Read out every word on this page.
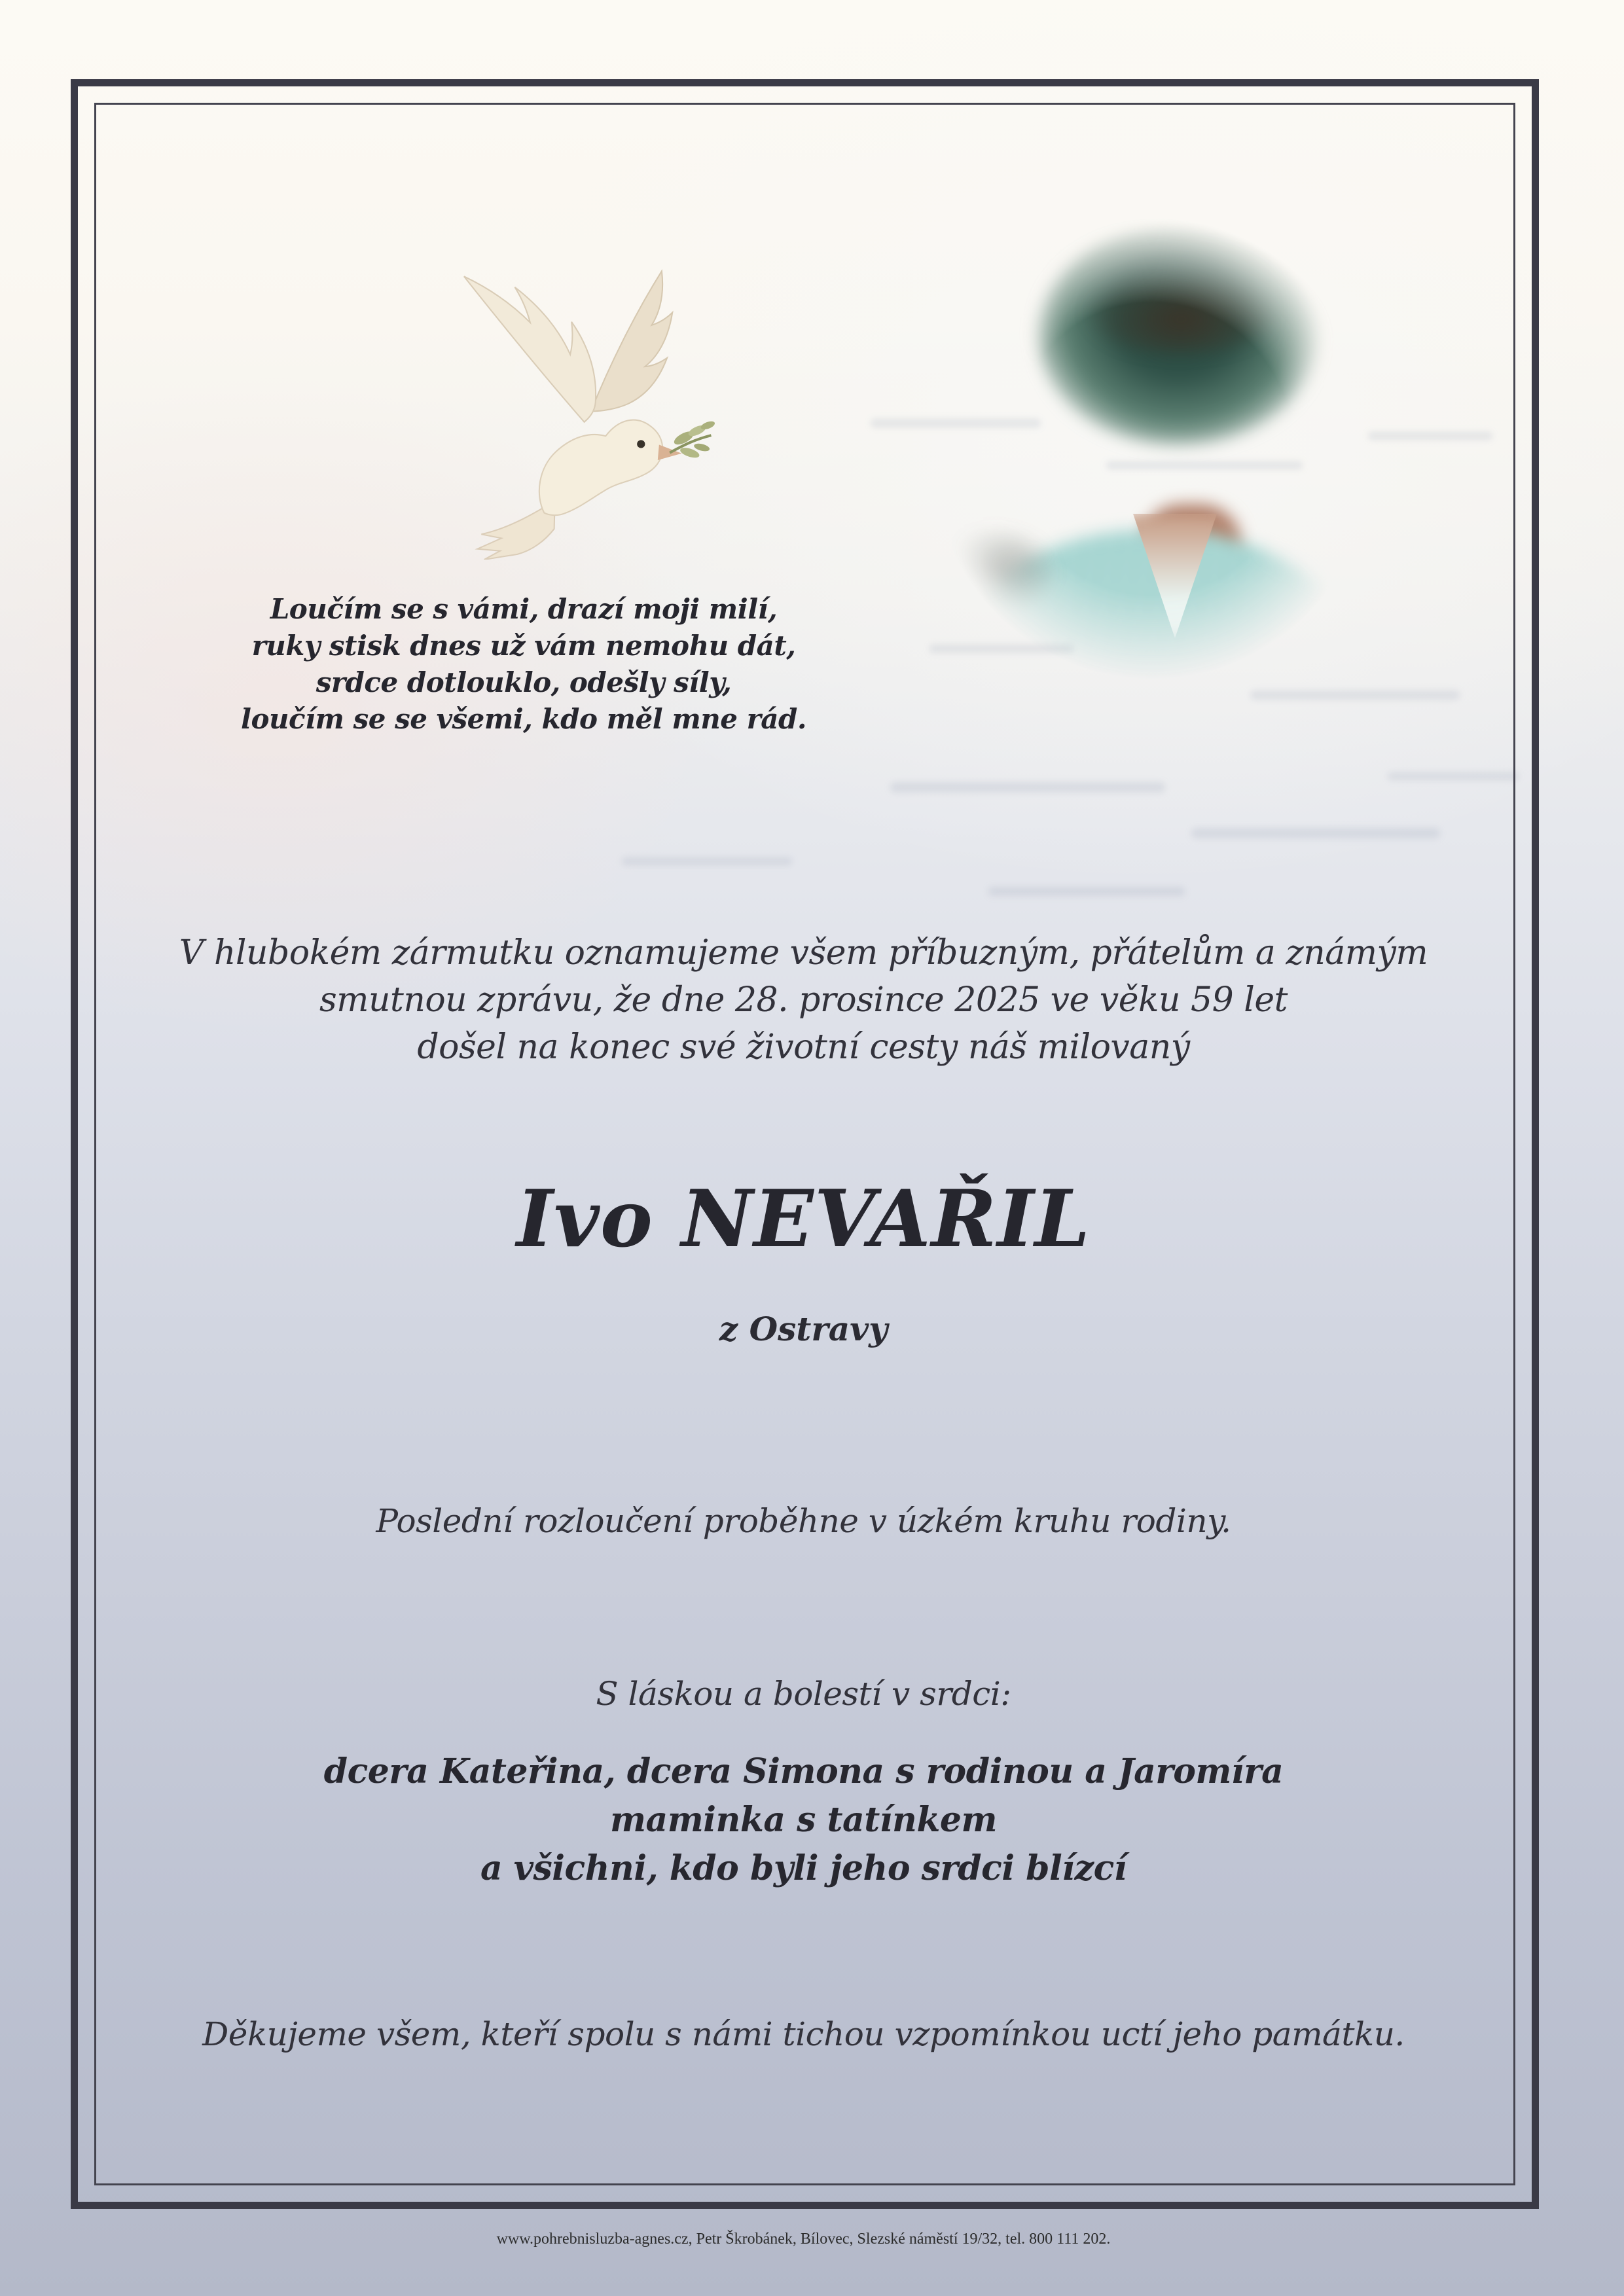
Loučím se s vámi, drazí moji milí,
ruky stisk dnes už vám nemohu dát,
srdce dotlouklo, odešly síly,
loučím se se všemi, kdo měl mne rád.
V hlubokém zármutku oznamujeme všem příbuzným, přátelům a známým
smutnou zprávu, že dne 28. prosince 2025 ve věku 59 let
došel na konec své životní cesty náš milovaný
Ivo NEVAŘIL
z Ostravy
Poslední rozloučení proběhne v úzkém kruhu rodiny.
S láskou a bolestí v srdci:
dcera Kateřina, dcera Simona s rodinou a Jaromíra
maminka s tatínkem
a všichni, kdo byli jeho srdci blízcí
Děkujeme všem, kteří spolu s námi tichou vzpomínkou uctí jeho památku.
www.pohrebnisluzba-agnes.cz, Petr Škrobánek, Bílovec, Slezské náměstí 19/32, tel. 800 111 202.
